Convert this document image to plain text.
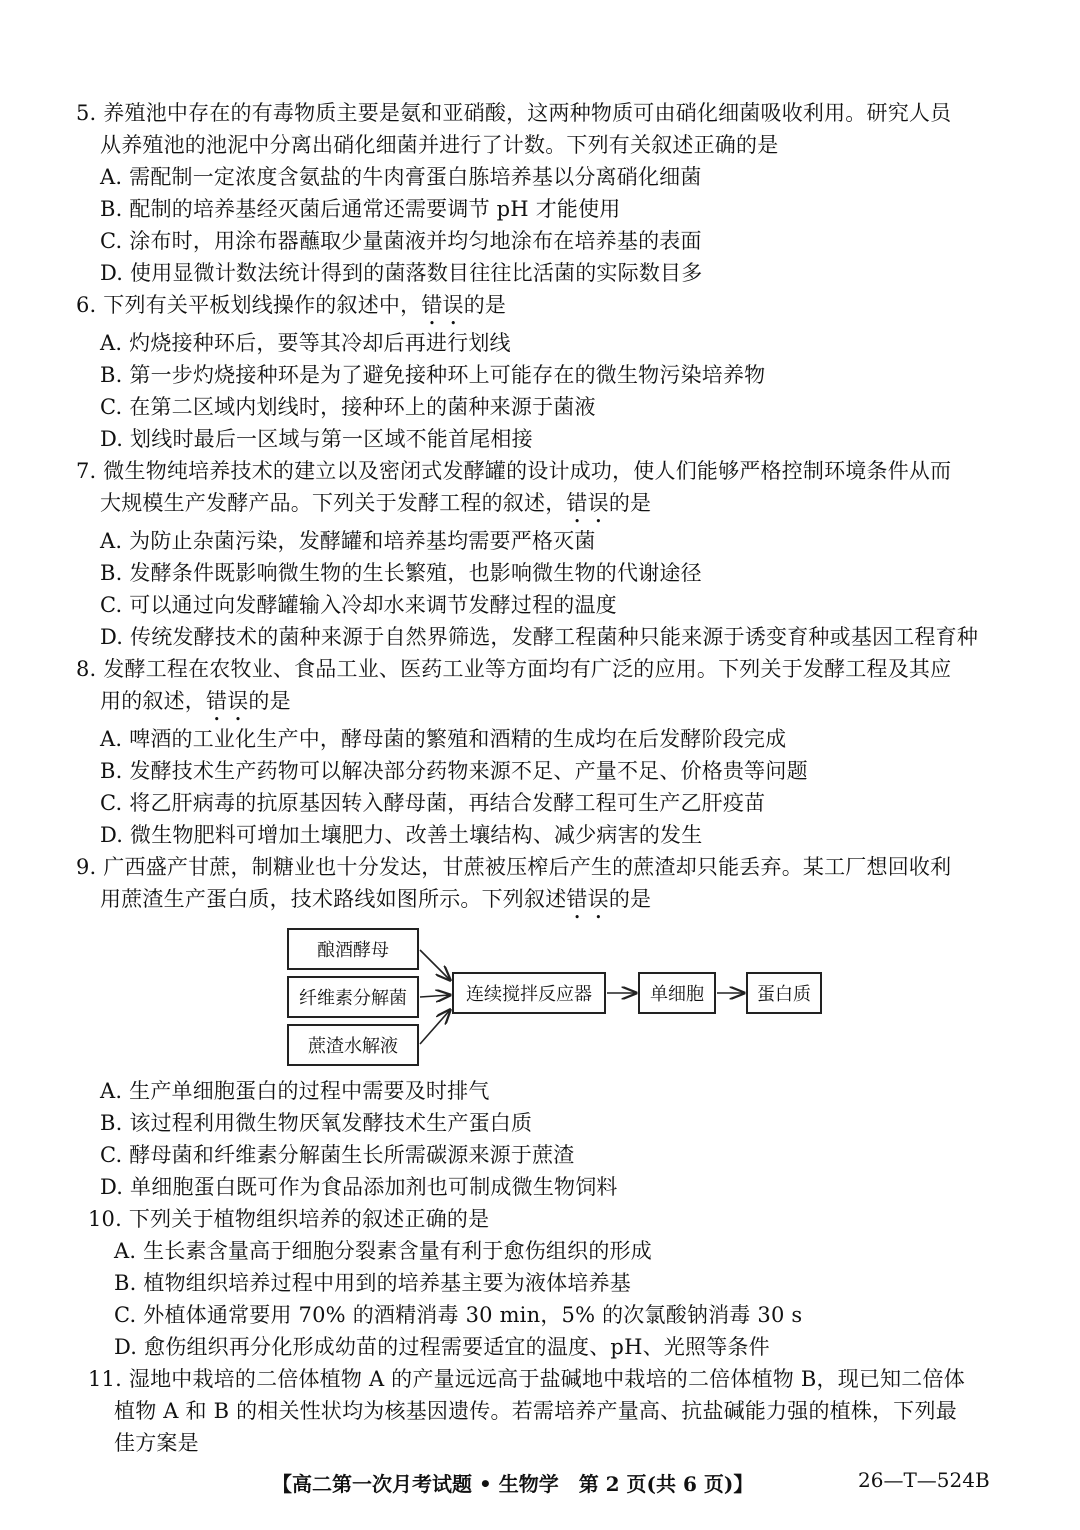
5. 养殖池中存在的有毒物质主要是氨和亚硝酸，这两种物质可由硝化细菌吸收利用。研究人员
从养殖池的池泥中分离出硝化细菌并进行了计数。下列有关叙述正确的是
A. 需配制一定浓度含氨盐的牛肉膏蛋白胨培养基以分离硝化细菌
B. 配制的培养基经灭菌后通常还需要调节 pH 才能使用
C. 涂布时，用涂布器蘸取少量菌液并均匀地涂布在培养基的表面
D. 使用显微计数法统计得到的菌落数目往往比活菌的实际数目多
6. 下列有关平板划线操作的叙述中，错误的是
A. 灼烧接种环后，要等其冷却后再进行划线
B. 第一步灼烧接种环是为了避免接种环上可能存在的微生物污染培养物
C. 在第二区域内划线时，接种环上的菌种来源于菌液
D. 划线时最后一区域与第一区域不能首尾相接
7. 微生物纯培养技术的建立以及密闭式发酵罐的设计成功，使人们能够严格控制环境条件从而
大规模生产发酵产品。下列关于发酵工程的叙述，错误的是
A. 为防止杂菌污染，发酵罐和培养基均需要严格灭菌
B. 发酵条件既影响微生物的生长繁殖，也影响微生物的代谢途径
C. 可以通过向发酵罐输入冷却水来调节发酵过程的温度
D. 传统发酵技术的菌种来源于自然界筛选，发酵工程菌种只能来源于诱变育种或基因工程育种
8. 发酵工程在农牧业、食品工业、医药工业等方面均有广泛的应用。下列关于发酵工程及其应
用的叙述，错误的是
A. 啤酒的工业化生产中，酵母菌的繁殖和酒精的生成均在后发酵阶段完成
B. 发酵技术生产药物可以解决部分药物来源不足、产量不足、价格贵等问题
C. 将乙肝病毒的抗原基因转入酵母菌，再结合发酵工程可生产乙肝疫苗
D. 微生物肥料可增加土壤肥力、改善土壤结构、减少病害的发生
9. 广西盛产甘蔗，制糖业也十分发达，甘蔗被压榨后产生的蔗渣却只能丢弃。某工厂想回收利
用蔗渣生产蛋白质，技术路线如图所示。下列叙述错误的是
酿酒酵母
纤维素分解菌
蔗渣水解液
连续搅拌反应器	单细胞	蛋白质
A. 生产单细胞蛋白的过程中需要及时排气
B. 该过程利用微生物厌氧发酵技术生产蛋白质
C. 酵母菌和纤维素分解菌生长所需碳源来源于蔗渣
D. 单细胞蛋白既可作为食品添加剂也可制成微生物饲料
10. 下列关于植物组织培养的叙述正确的是
A. 生长素含量高于细胞分裂素含量有利于愈伤组织的形成
B. 植物组织培养过程中用到的培养基主要为液体培养基
C. 外植体通常要用 70% 的酒精消毒 30 min，5% 的次氯酸钠消毒 30 s
D. 愈伤组织再分化形成幼苗的过程需要适宜的温度、pH、光照等条件
11. 湿地中栽培的二倍体植物 A 的产量远远高于盐碱地中栽培的二倍体植物 B，现已知二倍体
植物 A 和 B 的相关性状均为核基因遗传。若需培养产量高、抗盐碱能力强的植株，下列最
佳方案是
【高二第一次月考试题 • 生物学　第 2 页(共 6 页)】	26—T—524B
